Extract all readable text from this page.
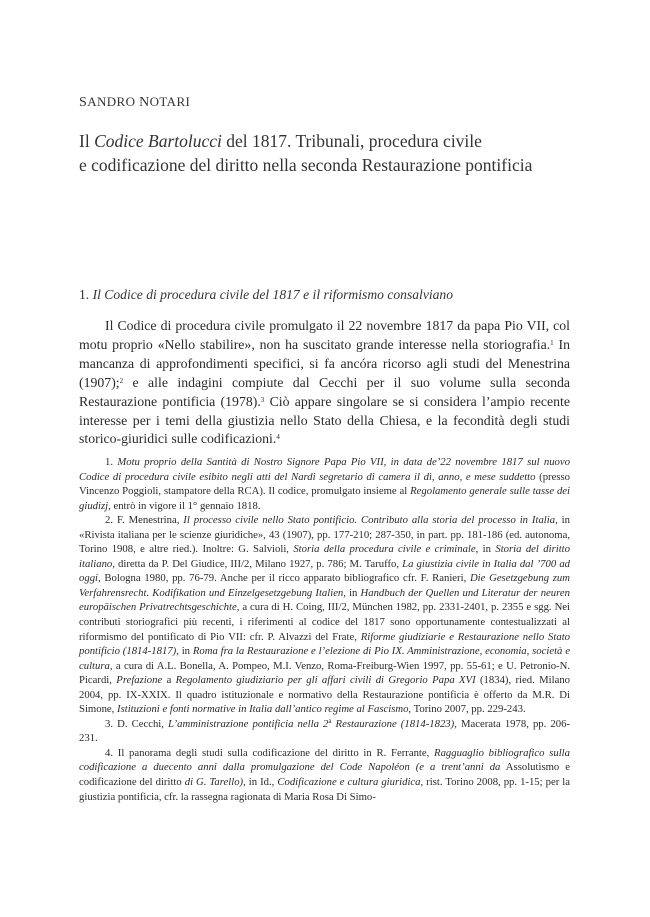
SANDRO NOTARI
Il Codice Bartolucci del 1817. Tribunali, procedura civile
e codificazione del diritto nella seconda Restaurazione pontificia
1. Il Codice di procedura civile del 1817 e il riformismo consalviano

Il Codice di procedura civile promulgato il 22 novembre 1817 da papa Pio VII, col motu proprio «Nello stabilire», non ha suscitato grande interesse nella storiografia.$^1$ In mancanza di approfondimenti specifici, si fa ancóra ricorso agli studi del Menestrina (1907);$^2$ e alle indagini compiute dal Cecchi per il suo volume sulla seconda Restaurazione pontificia (1978).$^3$ Ciò appare singolare se si considera l’ampio recente interesse per i temi della giustizia nello Stato della Chiesa, e la fecondità degli studi storico-giuridici sulle codificazioni.$^4$

1. Motu proprio della Santità di Nostro Signore Papa Pio VII, in data de’22 novembre 1817 sul nuovo Codice di procedura civile esibito negli atti del Nardi segretario di camera il dì, anno, e mese suddetto (presso Vincenzo Poggioli, stampatore della RCA). Il codice, promulgato insieme al Regolamento generale sulle tasse dei giudizj, entrò in vigore il 1° gennaio 1818.

2. F. Menestrina, Il processo civile nello Stato pontificio. Contributo alla storia del processo in Italia, in «Rivista italiana per le scienze giuridiche», 43 (1907), pp. 177-210; 287-350, in part. pp. 181-186 (ed. autonoma, Torino 1908, e altre ried.). Inoltre: G. Salvioli, Storia della procedura civile e criminale, in Storia del diritto italiano, diretta da P. Del Giudice, III/2, Milano 1927, p. 786; M. Taruffo, La giustizia civile in Italia dal ’700 ad oggi, Bologna 1980, pp. 76-79. Anche per il ricco apparato bibliografico cfr. F. Ranieri, Die Gesetzgebung zum Verfahrensrecht. Kodifikation und Einzelgesetzgebung Italien, in Handbuch der Quellen und Literatur der neuren europäischen Privatrechtsgeschichte, a cura di H. Coing, III/2, München 1982, pp. 2331-2401, p. 2355 e sgg. Nei contributi storiografici più recenti, i riferimenti al codice del 1817 sono opportunamente contestualizzati al riformismo del pontificato di Pio VII: cfr. P. Alvazzi del Frate, Riforme giudiziarie e Restaurazione nello Stato pontificio (1814-1817), in Roma fra la Restaurazione e l’elezione di Pio IX. Amministrazione, economia, società e cultura, a cura di A.L. Bonella, A. Pompeo, M.I. Venzo, Roma-Freiburg-Wien 1997, pp. 55-61; e U. Petronio-N. Picardi, Prefazione a Regolamento giudiziario per gli affari civili di Gregorio Papa XVI (1834), ried. Milano 2004, pp. IX-XXIX. Il quadro istituzionale e normativo della Restaurazione pontificia è offerto da M.R. Di Simone, Istituzioni e fonti normative in Italia dall’antico regime al Fascismo, Torino 2007, pp. 229-243.

3. D. Cecchi, L’amministrazione pontificia nella 2$^a$ Restaurazione (1814-1823), Macerata 1978, pp. 206-231.

4. Il panorama degli studi sulla codificazione del diritto in R. Ferrante, Ragguaglio bibliografico sulla codificazione a duecento anni dalla promulgazione del Code Napoléon (e a trent’anni da Assolutismo e codificazione del diritto di G. Tarello), in Id., Codificazione e cultura giuridica, rist. Torino 2008, pp. 1-15; per la giustizia pontificia, cfr. la rassegna ragionata di Maria Rosa Di Simo-
